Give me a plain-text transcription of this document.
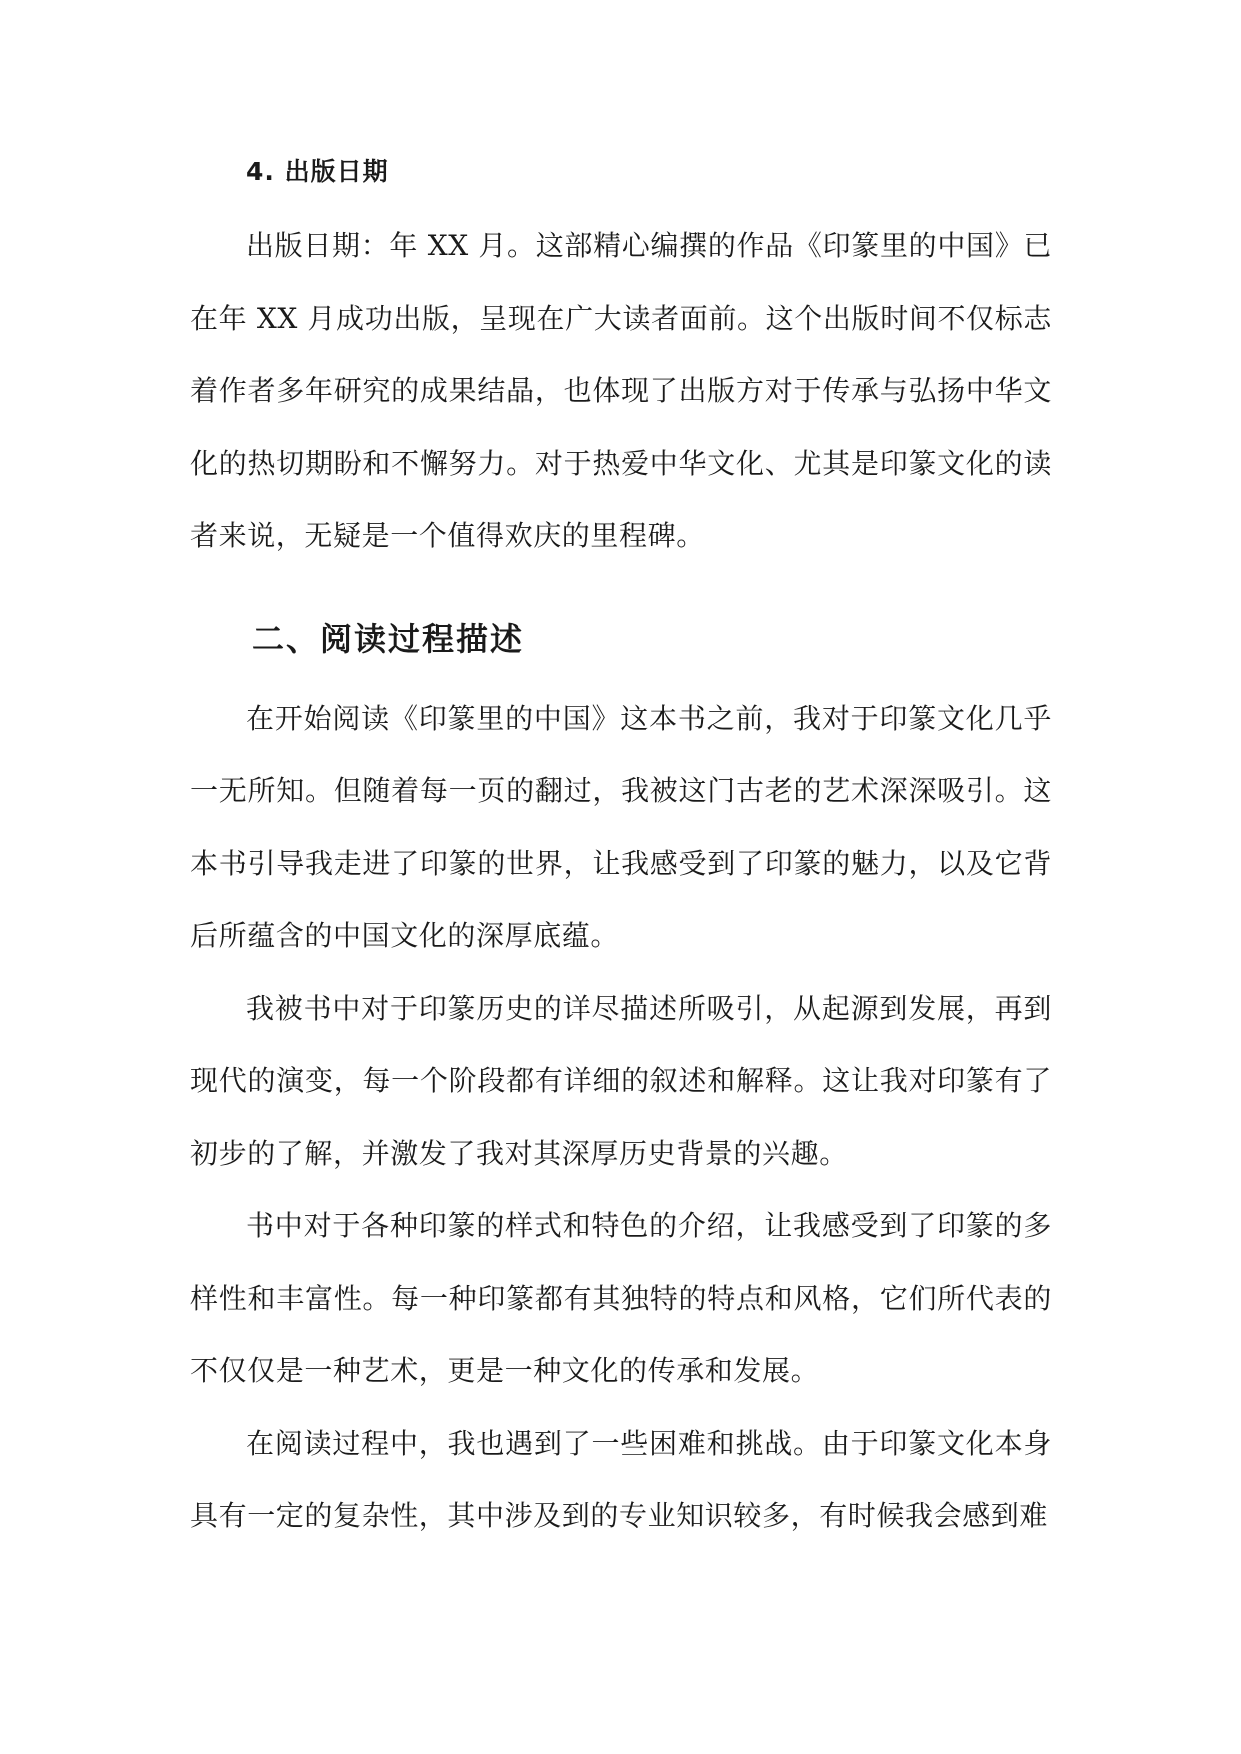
4. 出版日期

出版日期：年 XX 月。这部精心编撰的作品《印篆里的中国》已在年 XX 月成功出版，呈现在广大读者面前。这个出版时间不仅标志着作者多年研究的成果结晶，也体现了出版方对于传承与弘扬中华文化的热切期盼和不懈努力。对于热爱中华文化、尤其是印篆文化的读者来说，无疑是一个值得欢庆的里程碑。

二、阅读过程描述

在开始阅读《印篆里的中国》这本书之前，我对于印篆文化几乎一无所知。但随着每一页的翻过，我被这门古老的艺术深深吸引。这本书引导我走进了印篆的世界，让我感受到了印篆的魅力，以及它背后所蕴含的中国文化的深厚底蕴。

我被书中对于印篆历史的详尽描述所吸引，从起源到发展，再到现代的演变，每一个阶段都有详细的叙述和解释。这让我对印篆有了初步的了解，并激发了我对其深厚历史背景的兴趣。

书中对于各种印篆的样式和特色的介绍，让我感受到了印篆的多样性和丰富性。每一种印篆都有其独特的特点和风格，它们所代表的不仅仅是一种艺术，更是一种文化的传承和发展。

在阅读过程中，我也遇到了一些困难和挑战。由于印篆文化本身具有一定的复杂性，其中涉及到的专业知识较多，有时候我会感到难
